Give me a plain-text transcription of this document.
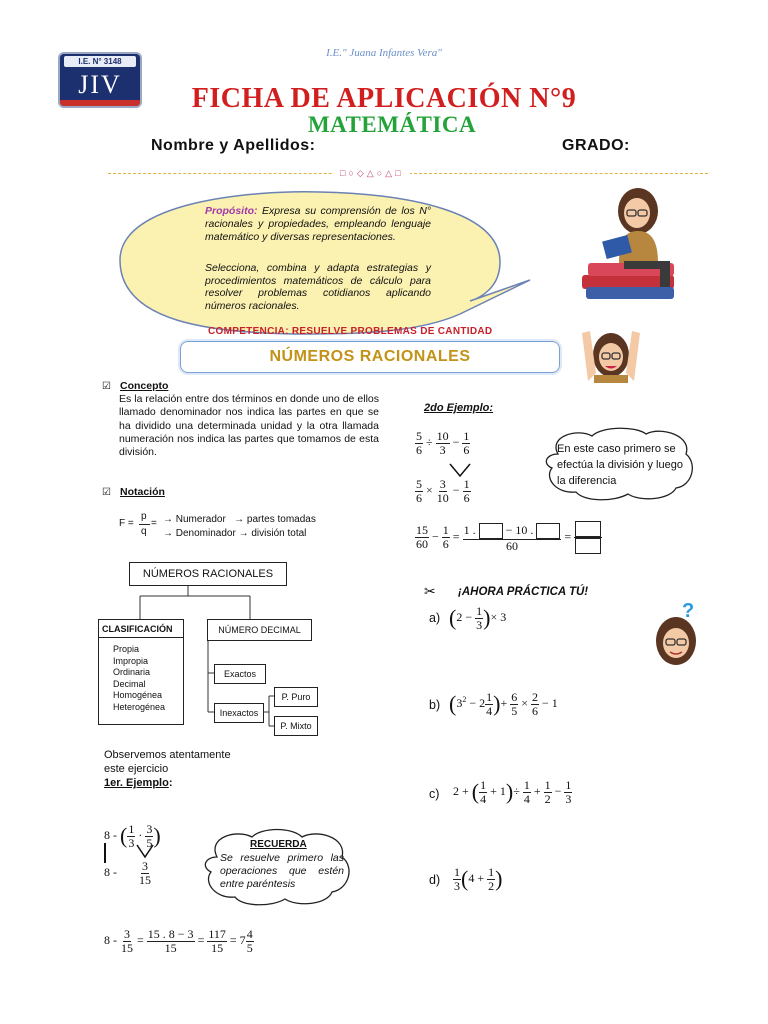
I.E." Juana Infantes Vera"
I.E. N° 3148
JIV	FICHA DE APLICACIÓN N°9
MATEMÁTICA
Nombre y Apellidos:	GRADO:
□○◇△○△□
Propósito: Expresa su comprensión de los N° racionales y propiedades, empleando lenguaje matemático y diversas representaciones.
Selecciona, combina y adapta estrategias y procedimientos matemáticos de cálculo para resolver problemas cotidianos aplicando números racionales.
COMPETENCIA: RESUELVE PROBLEMAS DE CANTIDAD
NÚMEROS RACIONALES
☑ Concepto
Es la relación entre dos términos en donde uno de ellos llamado denominador nos indica las partes en que se ha dividido una determinada unidad y la otra llamada numeración nos indica las partes que tomamos de esta división.
☑ Notación
F =
p
q
= → Numerador   → partes tomadas
→ Denominador → división total
NÚMEROS RACIONALES
CLASIFICACIÓN
Propia
Impropia
Ordinaria
Decimal
Homogénea
Heterogénea
NÚMERO DECIMAL
Exactos
Inexactos
P. Puro
P. Mixto
Observemos atentamente
este ejercicio
1er. Ejemplo:
8 - ( $\frac{1}{3} \cdot \frac{3}{5}$ )
$8 - \frac{3}{15}$
$8 - \frac{3}{15} = \frac{15 . 8 - 3}{15} = \frac{117}{15} = 7 \frac{4}{5}$
RECUERDA
Se resuelve primero las operaciones que estén entre paréntesis
2do Ejemplo:
$\frac{5}{6} \div \frac{10}{3} - \frac{1}{6}$
$\frac{5}{6} \times \frac{3}{10} - \frac{1}{6}$
$\frac{15}{60} - \frac{1}{6} = \frac{1 . - 10 .}{60}$ =
En este caso primero se efectúa la división y luego la diferencia
✂ ¡AHORA PRÁCTICA TÚ!
?
a) ($2 - \frac{1}{3}$ )× 3
b) ($3^2 - 2 \frac{1}{4}$ )+ $\frac{6}{5} \times \frac{2}{6} - 1$
c) 2 + ( $\frac{1}{4} + 1)\div \frac{1}{4} + \frac{1}{2} - \frac{1}{3}$
$d) \frac{1}{3} (4 + \frac{1}{2}$ )
